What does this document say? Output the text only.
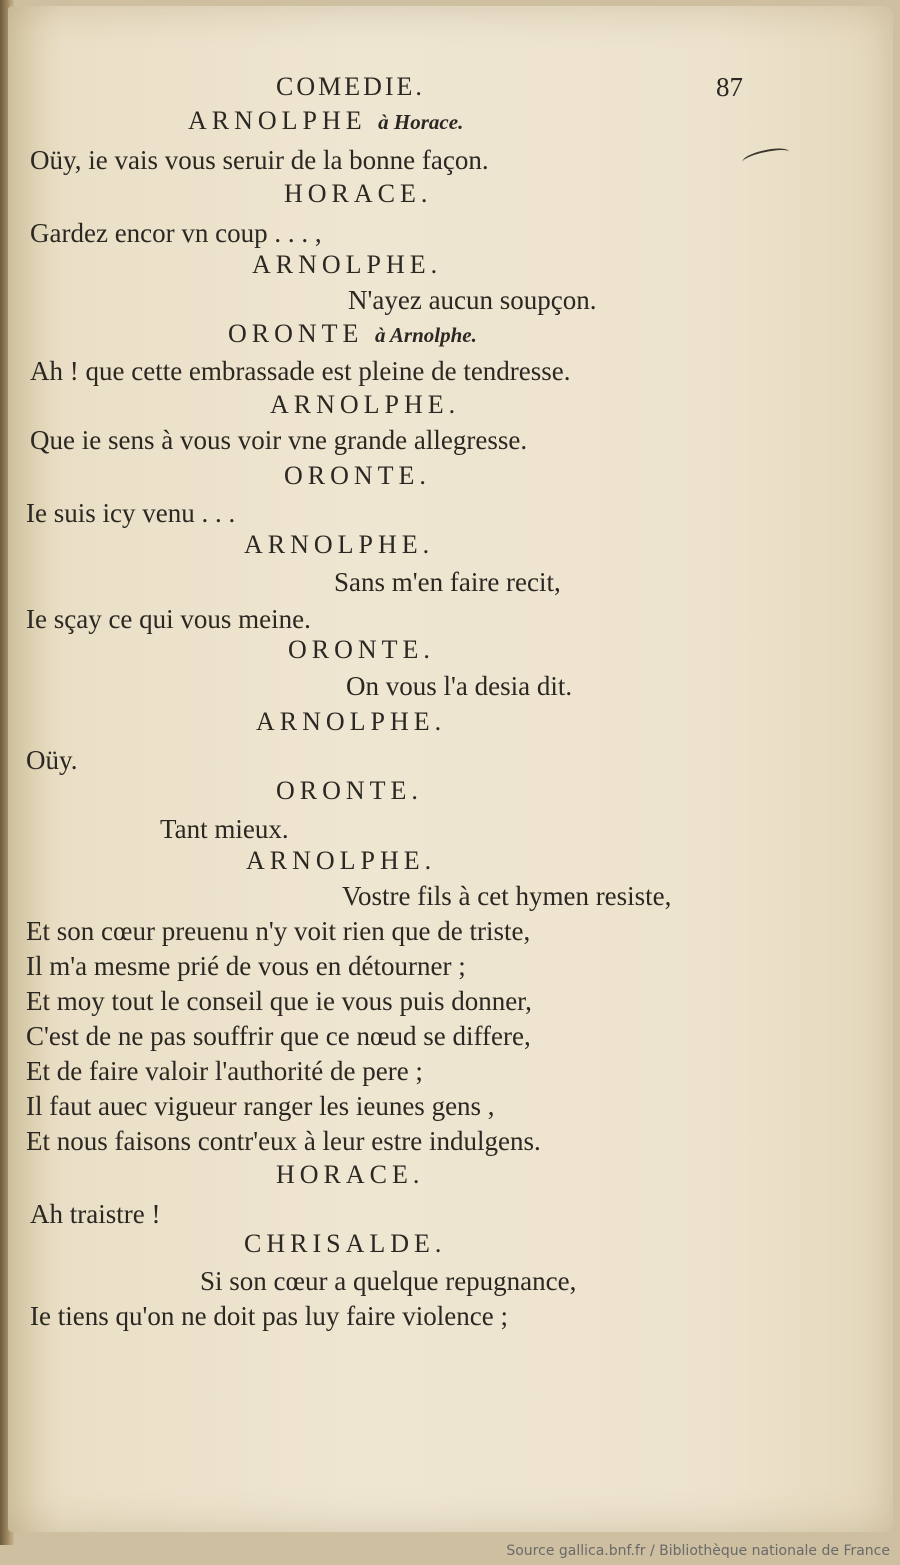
COMEDIE.	87
ARNOLPHE à Horace.
Oüy, ie vais vous seruir de la bonne façon.
HORACE.
Gardez encor vn coup . . . ,
ARNOLPHE.
N'ayez aucun soupçon.
ORONTE à Arnolphe.
Ah ! que cette embrassade est pleine de tendresse.
ARNOLPHE.
Que ie sens à vous voir vne grande allegresse.
ORONTE.
Ie suis icy venu . . .
ARNOLPHE.
Sans m'en faire recit,
Ie sçay ce qui vous meine.
ORONTE.
On vous l'a desia dit.
ARNOLPHE.
Oüy.
ORONTE.
Tant mieux.
ARNOLPHE.
Vostre fils à cet hymen resiste,
Et son cœur preuenu n'y voit rien que de triste,
Il m'a mesme prié de vous en détourner ;
Et moy tout le conseil que ie vous puis donner,
C'est de ne pas souffrir que ce nœud se differe,
Et de faire valoir l'authorité de pere ;
Il faut auec vigueur ranger les ieunes gens ,
Et nous faisons contr'eux à leur estre indulgens.
HORACE.
Ah traistre !
CHRISALDE.
Si son cœur a quelque repugnance,
Ie tiens qu'on ne doit pas luy faire violence ;
Source gallica.bnf.fr / Bibliothèque nationale de France
